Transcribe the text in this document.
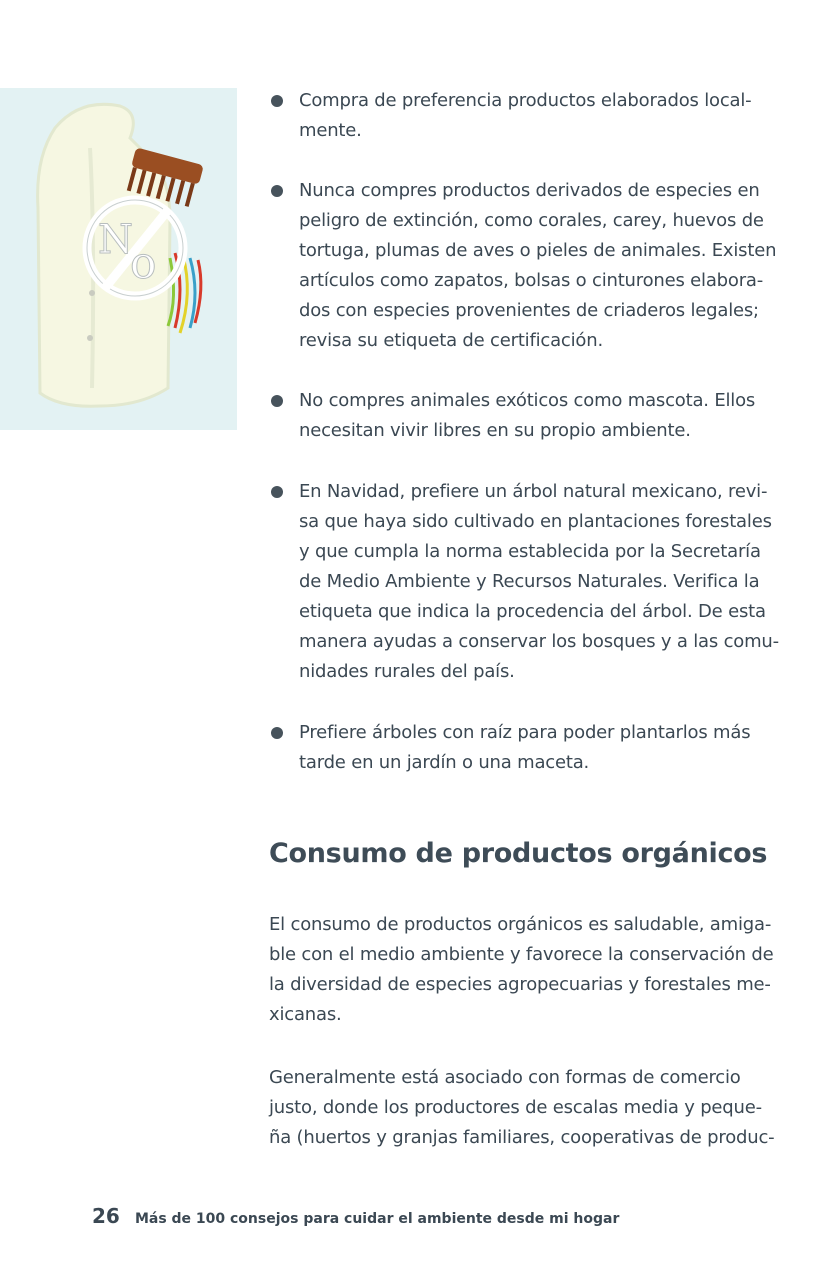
N
o
Compra de preferencia productos elaborados local-
mente.
Nunca compres productos derivados de especies en
peligro de extinción, como corales, carey, huevos de
tortuga, plumas de aves o pieles de animales. Existen
artículos como zapatos, bolsas o cinturones elabora-
dos con especies provenientes de criaderos legales;
revisa su etiqueta de certificación.
No compres animales exóticos como mascota. Ellos
necesitan vivir libres en su propio ambiente.
En Navidad, prefiere un árbol natural mexicano, revi-
sa que haya sido cultivado en plantaciones forestales
y que cumpla la norma establecida por la Secretaría
de Medio Ambiente y Recursos Naturales. Verifica la
etiqueta que indica la procedencia del árbol. De esta
manera ayudas a conservar los bosques y a las comu-
nidades rurales del país.
Prefiere árboles con raíz para poder plantarlos más
tarde en un jardín o una maceta.
Consumo de productos orgánicos
El consumo de productos orgánicos es saludable, amiga-
ble con el medio ambiente y favorece la conservación de
la diversidad de especies agropecuarias y forestales me-
xicanas.
Generalmente está asociado con formas de comercio
justo, donde los productores de escalas media y peque-
ña (huertos y granjas familiares, cooperativas de produc-
26 Más de 100 consejos para cuidar el ambiente desde mi hogar
